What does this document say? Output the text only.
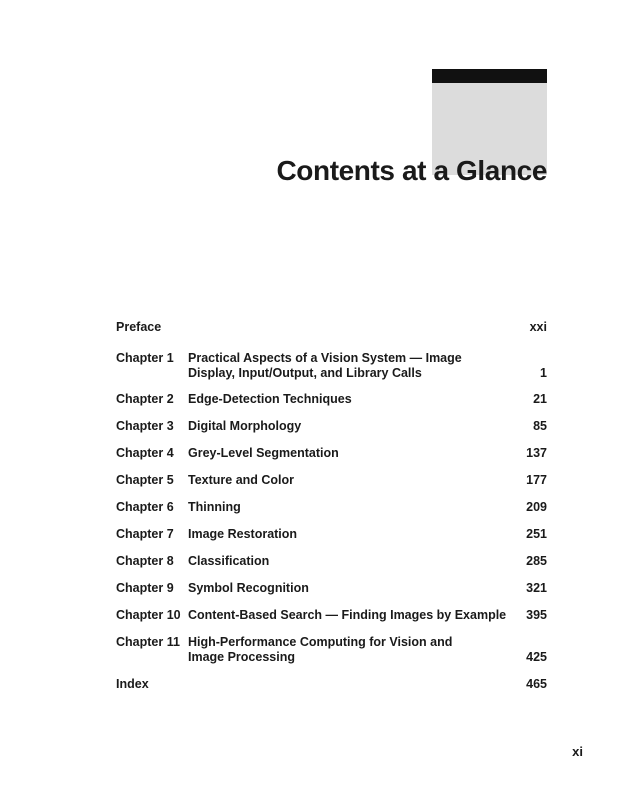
Contents at a Glance
Preface	xxi
Chapter 1 Practical Aspects of a Vision System — Image Display, Input/Output, and Library Calls	1
Chapter 2 Edge-Detection Techniques	21
Chapter 3 Digital Morphology	85
Chapter 4 Grey-Level Segmentation	137
Chapter 5 Texture and Color	177
Chapter 6 Thinning	209
Chapter 7 Image Restoration	251
Chapter 8 Classification	285
Chapter 9 Symbol Recognition	321
Chapter 10 Content-Based Search — Finding Images by Example	395
Chapter 11 High-Performance Computing for Vision and Image Processing	425
Index	465
xi
